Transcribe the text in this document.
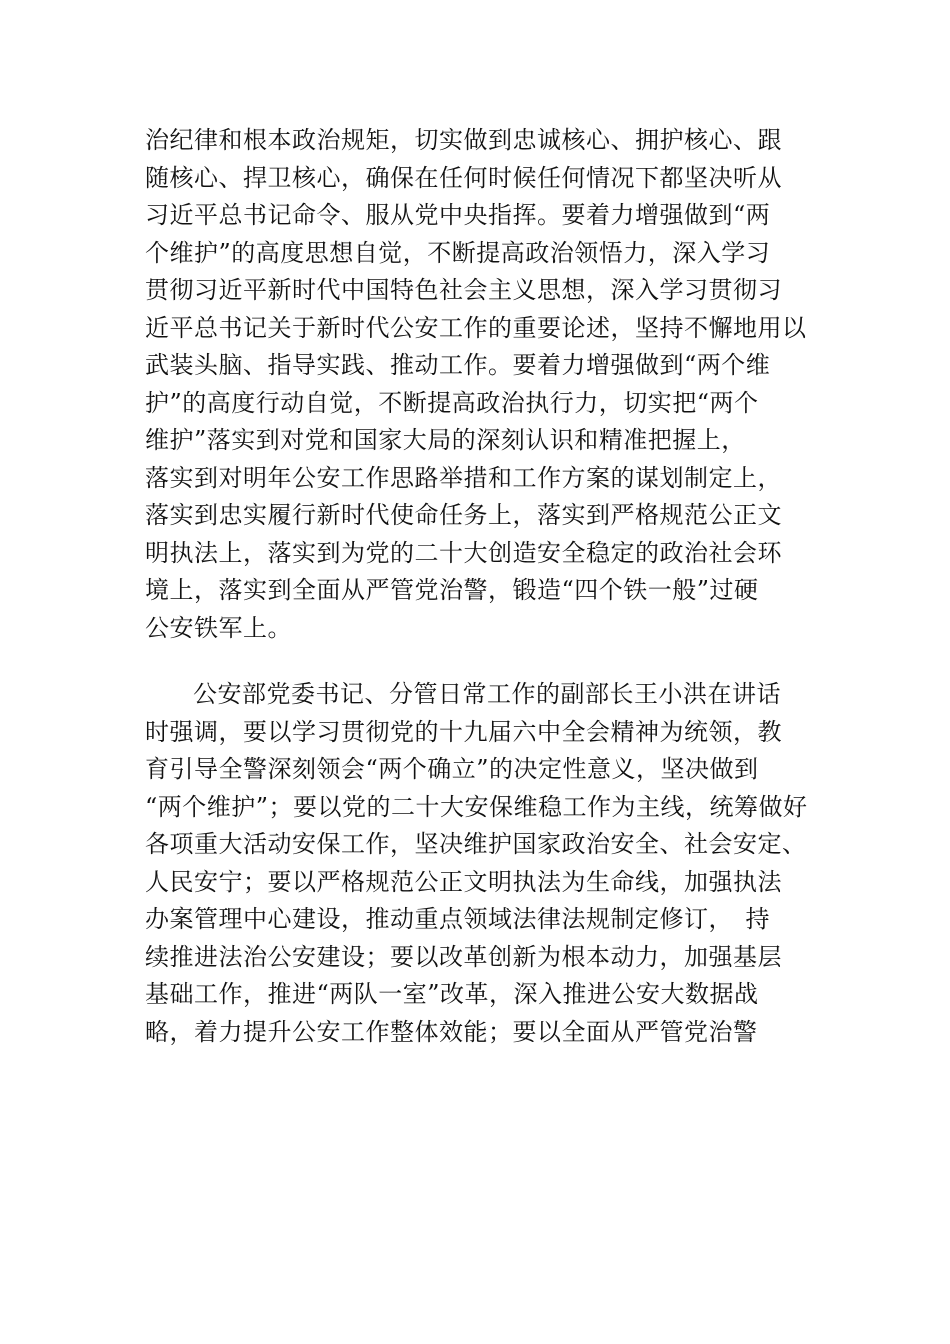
治纪律和根本政治规矩，切实做到忠诚核心、拥护核心、跟
随核心、捍卫核心，确保在任何时候任何情况下都坚决听从
习近平总书记命令、服从党中央指挥。要着力增强做到“两
个维护”的高度思想自觉，不断提高政治领悟力，深入学习
贯彻习近平新时代中国特色社会主义思想，深入学习贯彻习
近平总书记关于新时代公安工作的重要论述，坚持不懈地用以
武装头脑、指导实践、推动工作。要着力增强做到“两个维
护”的高度行动自觉，不断提高政治执行力，切实把“两个
维护”落实到对党和国家大局的深刻认识和精准把握上，
落实到对明年公安工作思路举措和工作方案的谋划制定上，
落实到忠实履行新时代使命任务上，落实到严格规范公正文
明执法上，落实到为党的二十大创造安全稳定的政治社会环
境上，落实到全面从严管党治警，锻造“四个铁一般”过硬
公安铁军上。
公安部党委书记、分管日常工作的副部长王小洪在讲话
时强调，要以学习贯彻党的十九届六中全会精神为统领，教
育引导全警深刻领会“两个确立”的决定性意义，坚决做到
“两个维护”；要以党的二十大安保维稳工作为主线，统筹做好
各项重大活动安保工作，坚决维护国家政治安全、社会安定、
人民安宁；要以严格规范公正文明执法为生命线，加强执法
办案管理中心建设，推动重点领域法律法规制定修订，　持
续推进法治公安建设；要以改革创新为根本动力，加强基层
基础工作，推进“两队一室”改革，深入推进公安大数据战
略，着力提升公安工作整体效能；要以全面从严管党治警
